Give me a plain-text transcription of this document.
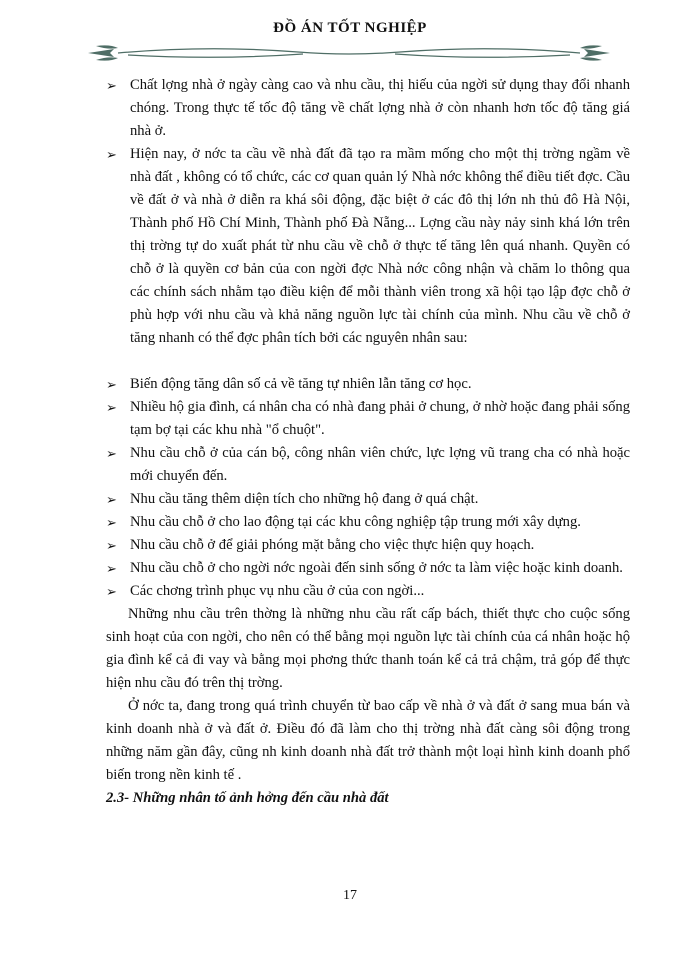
ĐỒ ÁN TỐT NGHIỆP
➢ Chất lợng nhà ở ngày càng cao và nhu cầu, thị hiếu của ngời sử dụng thay đổi nhanh chóng. Trong thực tế tốc độ tăng về chất lợng nhà ở còn nhanh hơn tốc độ tăng giá nhà ở.
➢ Hiện nay, ở nớc ta cầu về nhà đất đã tạo ra mầm mống cho một thị trờng ngầm về nhà đất , không có tổ chức, các cơ quan quản lý Nhà nớc không thể điều tiết đợc. Cầu về đất ở và nhà ở diễn ra khá sôi động, đặc biệt ở các đô thị lớn nh thủ đô Hà Nội, Thành phố Hồ Chí Minh, Thành phố Đà Nẵng... Lợng cầu này nảy sinh khá lớn trên thị trờng tự do xuất phát từ nhu cầu về chỗ ở thực tế tăng lên quá nhanh. Quyền có chỗ ở là quyền cơ bản của con ngời đợc Nhà nớc công nhận và chăm lo thông qua các chính sách nhằm tạo điều kiện để mỗi thành viên trong xã hội tạo lập đợc chỗ ở phù hợp với nhu cầu và khả năng nguồn lực tài chính của mình. Nhu cầu về chỗ ở tăng nhanh có thể đợc phân tích bởi các nguyên nhân sau:
➢ Biến động tăng dân số cả về tăng tự nhiên lẫn tăng cơ học.
➢ Nhiều hộ gia đình, cá nhân cha có nhà đang phải ở chung, ở nhờ hoặc đang phải sống tạm bợ tại các khu nhà "ổ chuột".
➢ Nhu cầu chỗ ở của cán bộ, công nhân viên chức, lực lợng vũ trang cha có nhà hoặc mới chuyển đến.
➢ Nhu cầu tăng thêm diện tích cho những hộ đang ở quá chật.
➢ Nhu cầu chỗ ở cho lao động tại các khu công nghiệp tập trung mới xây dựng.
➢ Nhu cầu chỗ ở để giải phóng mặt bằng cho việc thực hiện quy hoạch.
➢ Nhu cầu chỗ ở cho ngời nớc ngoài đến sinh sống ở nớc ta làm việc hoặc kinh doanh.
➢ Các chơng trình phục vụ nhu cầu ở của con ngời...
Những nhu cầu trên thờng là những nhu cầu rất cấp bách, thiết thực cho cuộc sống sinh hoạt của con ngời, cho nên có thể bằng mọi nguồn lực tài chính của cá nhân hoặc hộ gia đình kể cả đi vay và bằng mọi phơng thức thanh toán kể cả trả chậm, trả góp để thực hiện nhu cầu đó trên thị trờng.
Ở nớc ta, đang trong quá trình chuyển từ bao cấp về nhà ở và đất ở sang mua bán và kinh doanh nhà ở và đất ở. Điều đó đã làm cho thị trờng nhà đất càng sôi động trong những năm gần đây, cũng nh kinh doanh nhà đất trở thành một loại hình kinh doanh phổ biến trong nền kinh tế .
2.3- Những nhân tố ảnh hởng đến cầu nhà đất
17
